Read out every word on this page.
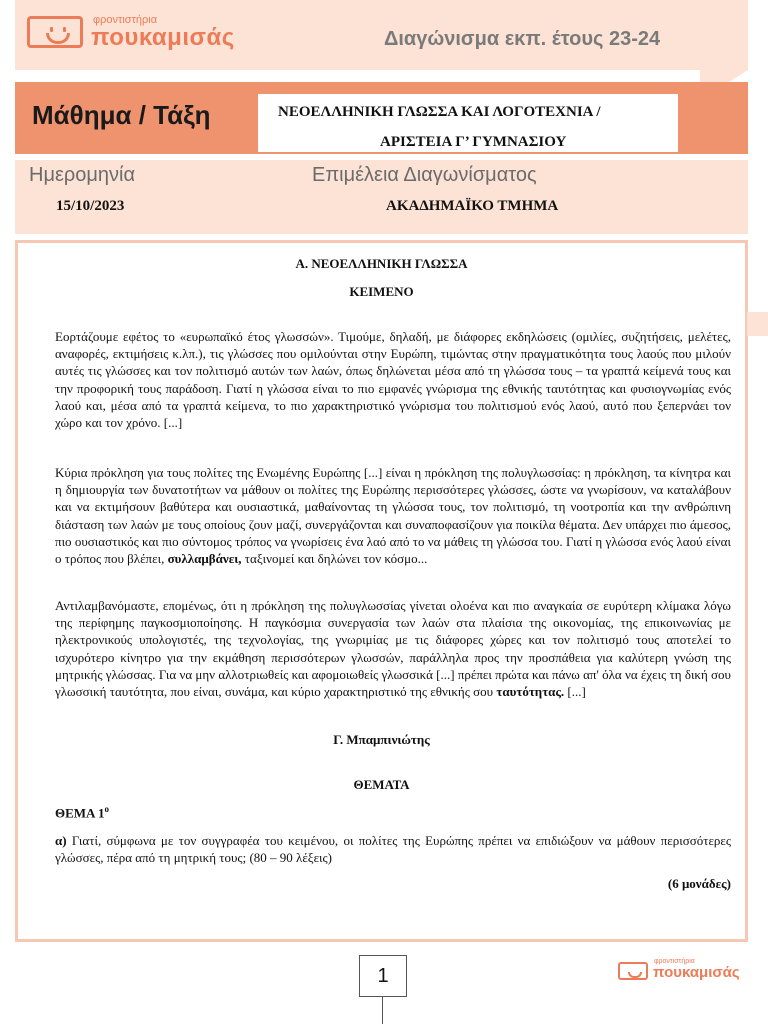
φροντιστήρια
πουκαμισάς	Διαγώνισμα εκπ. έτους 23-24
Μάθημα / Τάξη	ΝΕΟΕΛΛΗΝΙΚΗ ΓΛΩΣΣΑ ΚΑΙ ΛΟΓΟΤΕΧΝΙΑ /
ΑΡΙΣΤΕΙΑ Γ’ ΓΥΜΝΑΣΙΟΥ
Ημερομηνία	Επιμέλεια Διαγωνίσματος
15/10/2023	ΑΚΑΔΗΜΑΪΚΟ ΤΜΗΜΑ
Α. ΝΕΟΕΛΛΗΝΙΚΗ ΓΛΩΣΣΑ
ΚΕΙΜΕΝΟ
Εορτάζουμε εφέτος το «ευρωπαϊκό έτος γλωσσών». Τιμούμε, δηλαδή, με διάφορες εκδηλώσεις (ομιλίες, συζητήσεις, μελέτες, αναφορές, εκτιμήσεις κ.λπ.), τις γλώσσες που ομιλούνται στην Ευρώπη, τιμώντας στην πραγματικότητα τους λαούς που μιλούν αυτές τις γλώσσες και τον πολιτισμό αυτών των λαών, όπως δηλώνεται μέσα από τη γλώσσα τους – τα γραπτά κείμενά τους και την προφορική τους παράδοση. Γιατί η γλώσσα είναι το πιο εμφανές γνώρισμα της εθνικής ταυτότητας και φυσιογνωμίας ενός λαού και, μέσα από τα γραπτά κείμενα, το πιο χαρακτηριστικό γνώρισμα του πολιτισμού ενός λαού, αυτό που ξεπερνάει τον χώρο και τον χρόνο. [...]
Κύρια πρόκληση για τους πολίτες της Ενωμένης Ευρώπης [...] είναι η πρόκληση της πολυγλωσσίας: η πρόκληση, τα κίνητρα και η δημιουργία των δυνατοτήτων να μάθουν οι πολίτες της Ευρώπης περισσότερες γλώσσες, ώστε να γνωρίσουν, να καταλάβουν και να εκτιμήσουν βαθύτερα και ουσιαστικά, μαθαίνοντας τη γλώσσα τους, τον πολιτισμό, τη νοοτροπία και την ανθρώπινη διάσταση των λαών με τους οποίους ζουν μαζί, συνεργάζονται και συναποφασίζουν για ποικίλα θέματα. Δεν υπάρχει πιο άμεσος, πιο ουσιαστικός και πιο σύντομος τρόπος να γνωρίσεις ένα λαό από το να μάθεις τη γλώσσα του. Γιατί η γλώσσα ενός λαού είναι ο τρόπος που βλέπει, συλλαμβάνει, ταξινομεί και δηλώνει τον κόσμο...
Αντιλαμβανόμαστε, επομένως, ότι η πρόκληση της πολυγλωσσίας γίνεται ολοένα και πιο αναγκαία σε ευρύτερη κλίμακα λόγω της περίφημης παγκοσμιοποίησης. Η παγκόσμια συνεργασία των λαών στα πλαίσια της οικονομίας, της επικοινωνίας με ηλεκτρονικούς υπολογιστές, της τεχνολογίας, της γνωριμίας με τις διάφορες χώρες και τον πολιτισμό τους αποτελεί το ισχυρότερο κίνητρο για την εκμάθηση περισσότερων γλωσσών, παράλληλα προς την προσπάθεια για καλύτερη γνώση της μητρικής γλώσσας. Για να μην αλλοτριωθείς και αφομοιωθείς γλωσσικά [...] πρέπει πρώτα και πάνω απ' όλα να έχεις τη δική σου γλωσσική ταυτότητα, που είναι, συνάμα, και κύριο χαρακτηριστικό της εθνικής σου ταυτότητας. [...]
Γ. Μπαμπινιώτης
ΘΕΜΑΤΑ
ΘΕΜΑ $1^o$
α) Γιατί, σύμφωνα με τον συγγραφέα του κειμένου, οι πολίτες της Ευρώπης πρέπει να επιδιώξουν να μάθουν περισσότερες γλώσσες, πέρα από τη μητρική τους; (80 – 90 λέξεις)
(6 μονάδες)
1
φροντιστήρια
πουκαμισάς
